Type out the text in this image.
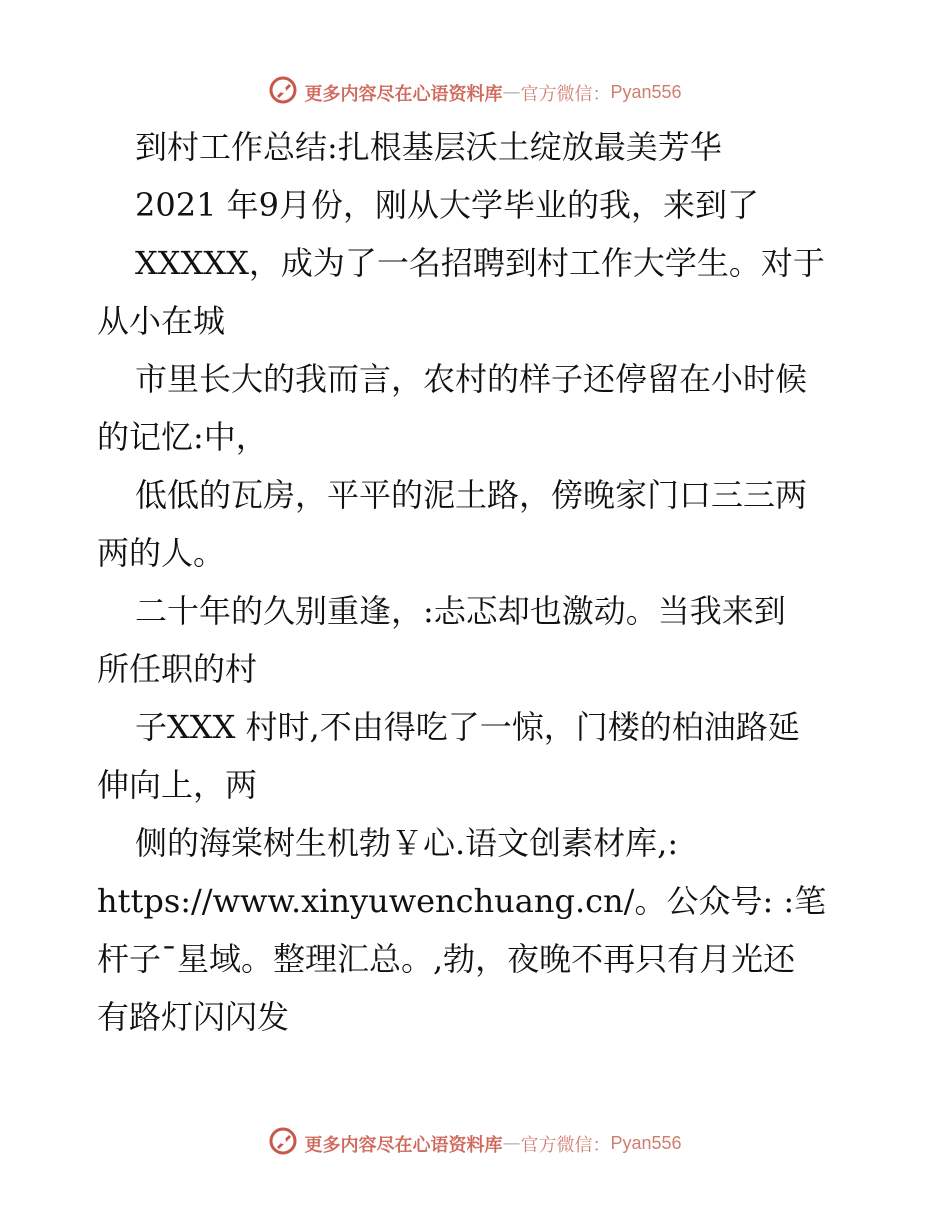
更多内容尽在心语资料库 — 官方微信： Pyan556
到村工作总结:扎根基层沃土绽放最美芳华
2021 年9月份，刚从大学毕业的我，来到了
XXXXX，成为了一名招聘到村工作大学生。对于
从小在城
市里长大的我而言，农村的样子还停留在小时候
的记忆:中，
低低的瓦房，平平的泥土路，傍晚家门口三三两
两的人。
二十年的久别重逢，:忐忑却也激动。当我来到
所任职的村
子XXX 村时,不由得吃了一惊，门楼的柏油路延
伸向上，两
侧的海棠树生机勃￥心.语文创素材库,:
https://www.xinyuwenchuang.cn/。公众号: :笔
杆子¯星域。整理汇总。,勃，夜晚不再只有月光还
有路灯闪闪发
更多内容尽在心语资料库 — 官方微信： Pyan556
